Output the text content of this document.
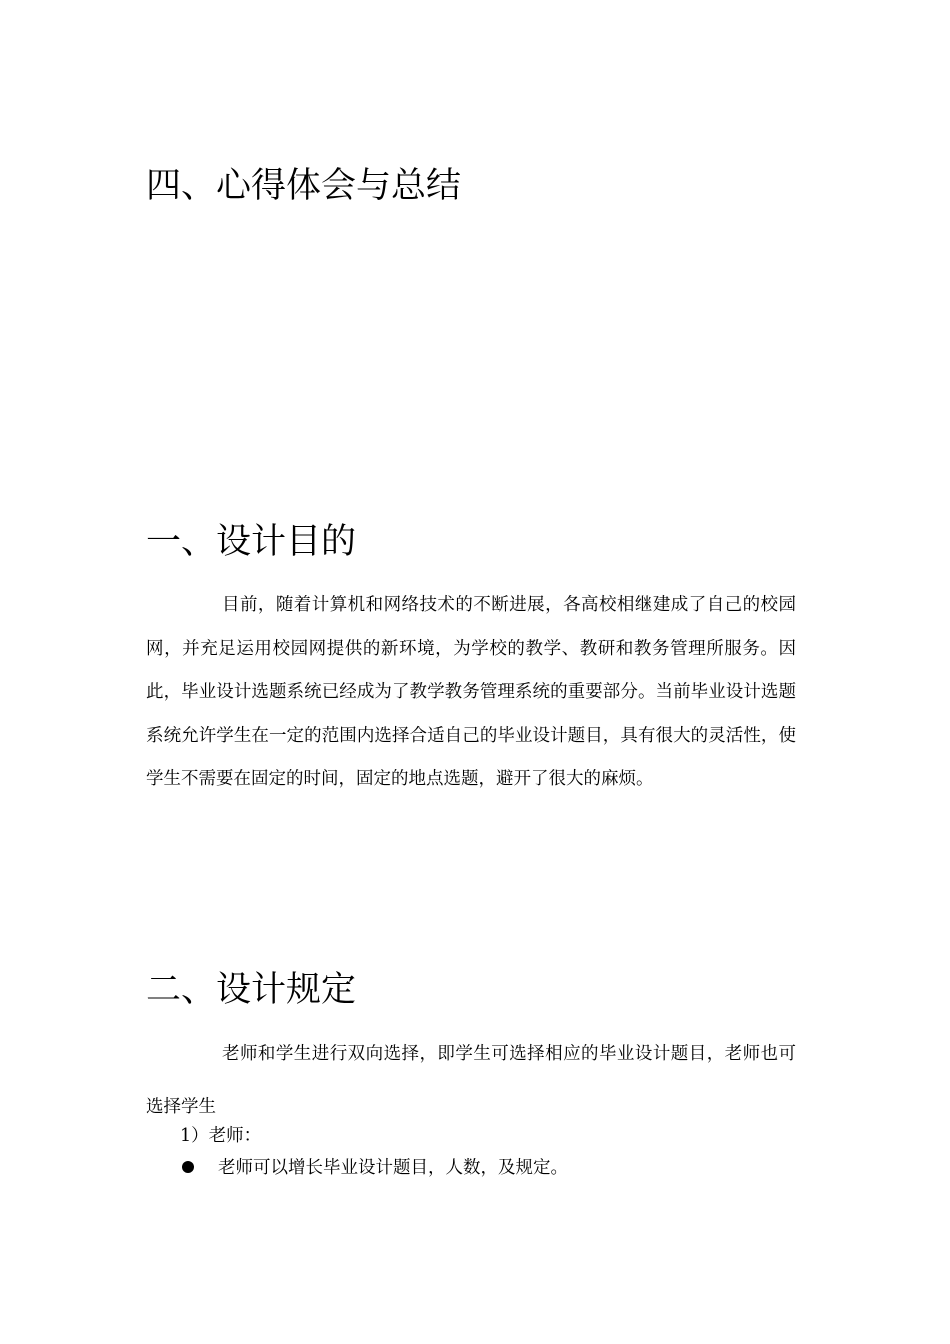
四、心得体会与总结
一、设计目的

目前，随着计算机和网络技术的不断进展，各高校相继建成了自己的校园网，并充足运用校园网提供的新环境，为学校的教学、教研和教务管理所服务。因此，毕业设计选题系统已经成为了教学教务管理系统的重要部分。当前毕业设计选题系统允许学生在一定的范围内选择合适自己的毕业设计题目，具有很大的灵活性，使学生不需要在固定的时间，固定的地点选题，避开了很大的麻烦。

二、设计规定

老师和学生进行双向选择，即学生可选择相应的毕业设计题目，老师也可选择学生

1）老师：
老师可以增长毕业设计题目，人数，及规定。
